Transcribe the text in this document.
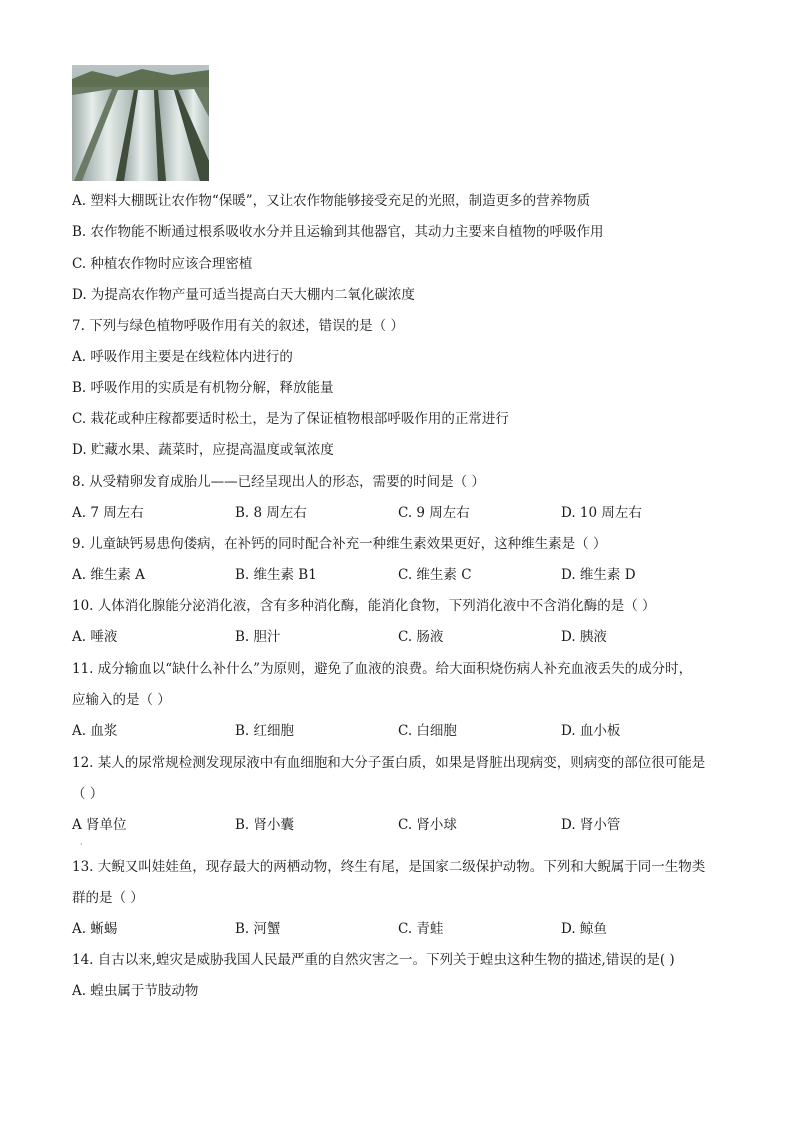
A. 塑料大棚既让农作物“保暖”，又让农作物能够接受充足的光照，制造更多的营养物质
B. 农作物能不断通过根系吸收水分并且运输到其他器官，其动力主要来自植物的呼吸作用
C. 种植农作物时应该合理密植
D. 为提高农作物产量可适当提高白天大棚内二氧化碳浓度
7. 下列与绿色植物呼吸作用有关的叙述，错误的是（ ）
A. 呼吸作用主要是在线粒体内进行的
B. 呼吸作用的实质是有机物分解，释放能量
C. 栽花或种庄稼都要适时松土，是为了保证植物根部呼吸作用的正常进行
D. 贮藏水果、蔬菜时，应提高温度或氧浓度
8. 从受精卵发育成胎儿——已经呈现出人的形态，需要的时间是（ ）
A. 7 周左右	B. 8 周左右	C. 9 周左右	D. 10 周左右
9. 儿童缺钙易患佝偻病，在补钙的同时配合补充一种维生素效果更好，这种维生素是（ ）
A. 维生素 A	B. 维生素 B1	C. 维生素 C	D. 维生素 D
10. 人体消化腺能分泌消化液，含有多种消化酶，能消化食物，下列消化液中不含消化酶的是（ ）
A. 唾液	B. 胆汁	C. 肠液	D. 胰液
11. 成分输血以“缺什么补什么”为原则，避免了血液的浪费。给大面积烧伤病人补充血液丢失的成分时，
应输入的是（ ）
A. 血浆	B. 红细胞	C. 白细胞	D. 血小板
12. 某人的尿常规检测发现尿液中有血细胞和大分子蛋白质，如果是肾脏出现病变，则病变的部位很可能是
（ ）
A 肾单位	B. 肾小囊	C. 肾小球	D. 肾小管
·
13. 大鲵又叫娃娃鱼，现存最大的两栖动物，终生有尾，是国家二级保护动物。下列和大鲵属于同一生物类
群的是（ ）
A. 蜥蜴	B. 河蟹	C. 青蛙	D. 鲸鱼
14. 自古以来,蝗灾是威胁我国人民最严重的自然灾害之一。下列关于蝗虫这种生物的描述,错误的是( )
A. 蝗虫属于节肢动物
